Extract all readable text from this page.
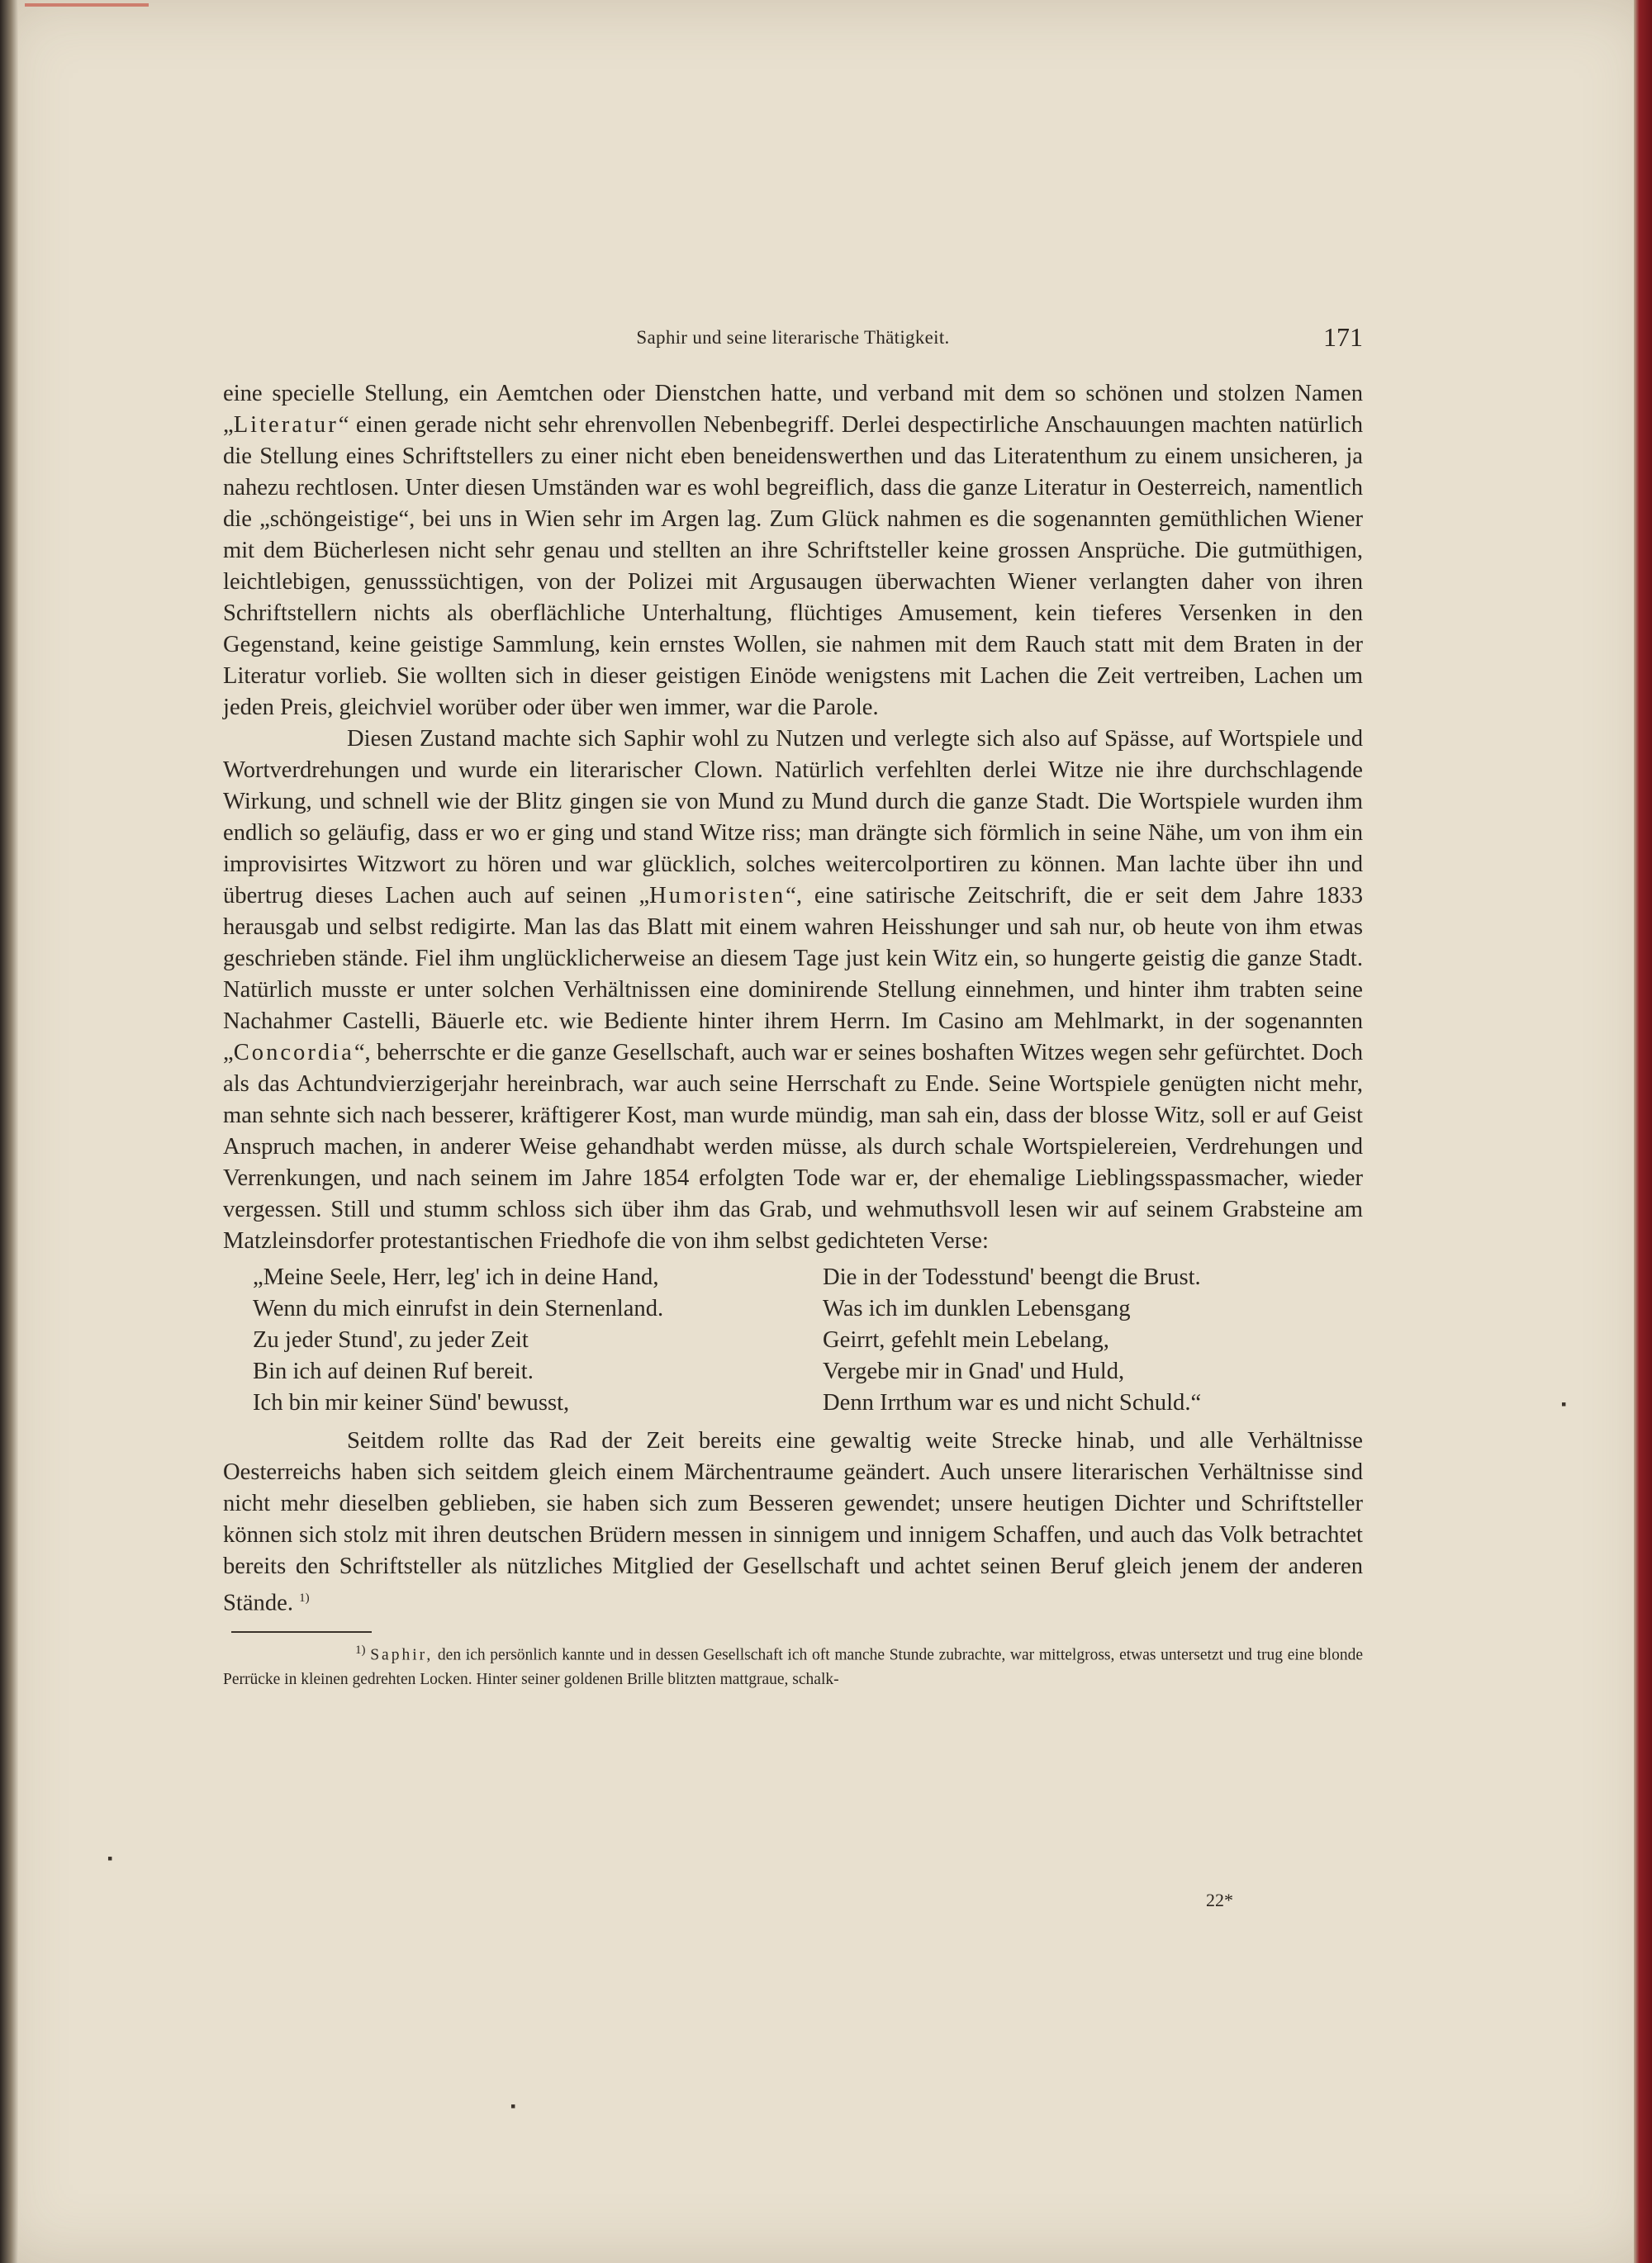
Saphir und seine literarische Thätigkeit.	171

eine specielle Stellung, ein Aemtchen oder Dienstchen hatte, und verband mit dem so schönen und stolzen Namen „Literatur“ einen gerade nicht sehr ehrenvollen Nebenbegriff. Derlei despectirliche Anschauungen machten natürlich die Stellung eines Schriftstellers zu einer nicht eben beneidenswerthen und das Literatenthum zu einem unsicheren, ja nahezu rechtlosen. Unter diesen Umständen war es wohl begreiflich, dass die ganze Literatur in Oesterreich, namentlich die „schöngeistige“, bei uns in Wien sehr im Argen lag. Zum Glück nahmen es die sogenannten gemüthlichen Wiener mit dem Bücherlesen nicht sehr genau und stellten an ihre Schriftsteller keine grossen Ansprüche. Die gutmüthigen, leichtlebigen, genusssüchtigen, von der Polizei mit Argusaugen überwachten Wiener verlangten daher von ihren Schriftstellern nichts als oberflächliche Unterhaltung, flüchtiges Amusement, kein tieferes Versenken in den Gegenstand, keine geistige Sammlung, kein ernstes Wollen, sie nahmen mit dem Rauch statt mit dem Braten in der Literatur vorlieb. Sie wollten sich in dieser geistigen Einöde wenigstens mit Lachen die Zeit vertreiben, Lachen um jeden Preis, gleichviel worüber oder über wen immer, war die Parole.

Diesen Zustand machte sich Saphir wohl zu Nutzen und verlegte sich also auf Spässe, auf Wortspiele und Wortverdrehungen und wurde ein literarischer Clown. Natürlich verfehlten derlei Witze nie ihre durchschlagende Wirkung, und schnell wie der Blitz gingen sie von Mund zu Mund durch die ganze Stadt. Die Wortspiele wurden ihm endlich so geläufig, dass er wo er ging und stand Witze riss; man drängte sich förmlich in seine Nähe, um von ihm ein improvisirtes Witzwort zu hören und war glücklich, solches weitercolportiren zu können. Man lachte über ihn und übertrug dieses Lachen auch auf seinen „Humoristen“, eine satirische Zeitschrift, die er seit dem Jahre 1833 herausgab und selbst redigirte. Man las das Blatt mit einem wahren Heisshunger und sah nur, ob heute von ihm etwas geschrieben stände. Fiel ihm unglücklicherweise an diesem Tage just kein Witz ein, so hungerte geistig die ganze Stadt. Natürlich musste er unter solchen Verhältnissen eine dominirende Stellung einnehmen, und hinter ihm trabten seine Nachahmer Castelli, Bäuerle etc. wie Bediente hinter ihrem Herrn. Im Casino am Mehlmarkt, in der sogenannten „Concordia“, beherrschte er die ganze Gesellschaft, auch war er seines boshaften Witzes wegen sehr gefürchtet. Doch als das Achtundvierzigerjahr hereinbrach, war auch seine Herrschaft zu Ende. Seine Wortspiele genügten nicht mehr, man sehnte sich nach besserer, kräftigerer Kost, man wurde mündig, man sah ein, dass der blosse Witz, soll er auf Geist Anspruch machen, in anderer Weise gehandhabt werden müsse, als durch schale Wortspielereien, Verdrehungen und Verrenkungen, und nach seinem im Jahre 1854 erfolgten Tode war er, der ehemalige Lieblingsspassmacher, wieder vergessen. Still und stumm schloss sich über ihm das Grab, und wehmuthsvoll lesen wir auf seinem Grabsteine am Matzleinsdorfer protestantischen Friedhofe die von ihm selbst gedichteten Verse:

„Meine Seele, Herr, leg' ich in deine Hand,
Wenn du mich einrufst in dein Sternenland.
Zu jeder Stund', zu jeder Zeit
Bin ich auf deinen Ruf bereit.
Ich bin mir keiner Sünd' bewusst,
Die in der Todesstund' beengt die Brust.
Was ich im dunklen Lebensgang
Geirrt, gefehlt mein Lebelang,
Vergebe mir in Gnad' und Huld,
Denn Irrthum war es und nicht Schuld.“

Seitdem rollte das Rad der Zeit bereits eine gewaltig weite Strecke hinab, und alle Verhältnisse Oesterreichs haben sich seitdem gleich einem Märchentraume geändert. Auch unsere literarischen Verhältnisse sind nicht mehr dieselben geblieben, sie haben sich zum Besseren gewendet; unsere heutigen Dichter und Schriftsteller können sich stolz mit ihren deutschen Brüdern messen in sinnigem und innigem Schaffen, und auch das Volk betrachtet bereits den Schriftsteller als nützliches Mitglied der Gesellschaft und achtet seinen Beruf gleich jenem der anderen Stände. $^{1)}$

$^{1)}$ Saphir, den ich persönlich kannte und in dessen Gesellschaft ich oft manche Stunde zubrachte, war mittelgross, etwas untersetzt und trug eine blonde Perrücke in kleinen gedrehten Locken. Hinter seiner goldenen Brille blitzten mattgraue, schalk-

22*
▪
▪
▪
